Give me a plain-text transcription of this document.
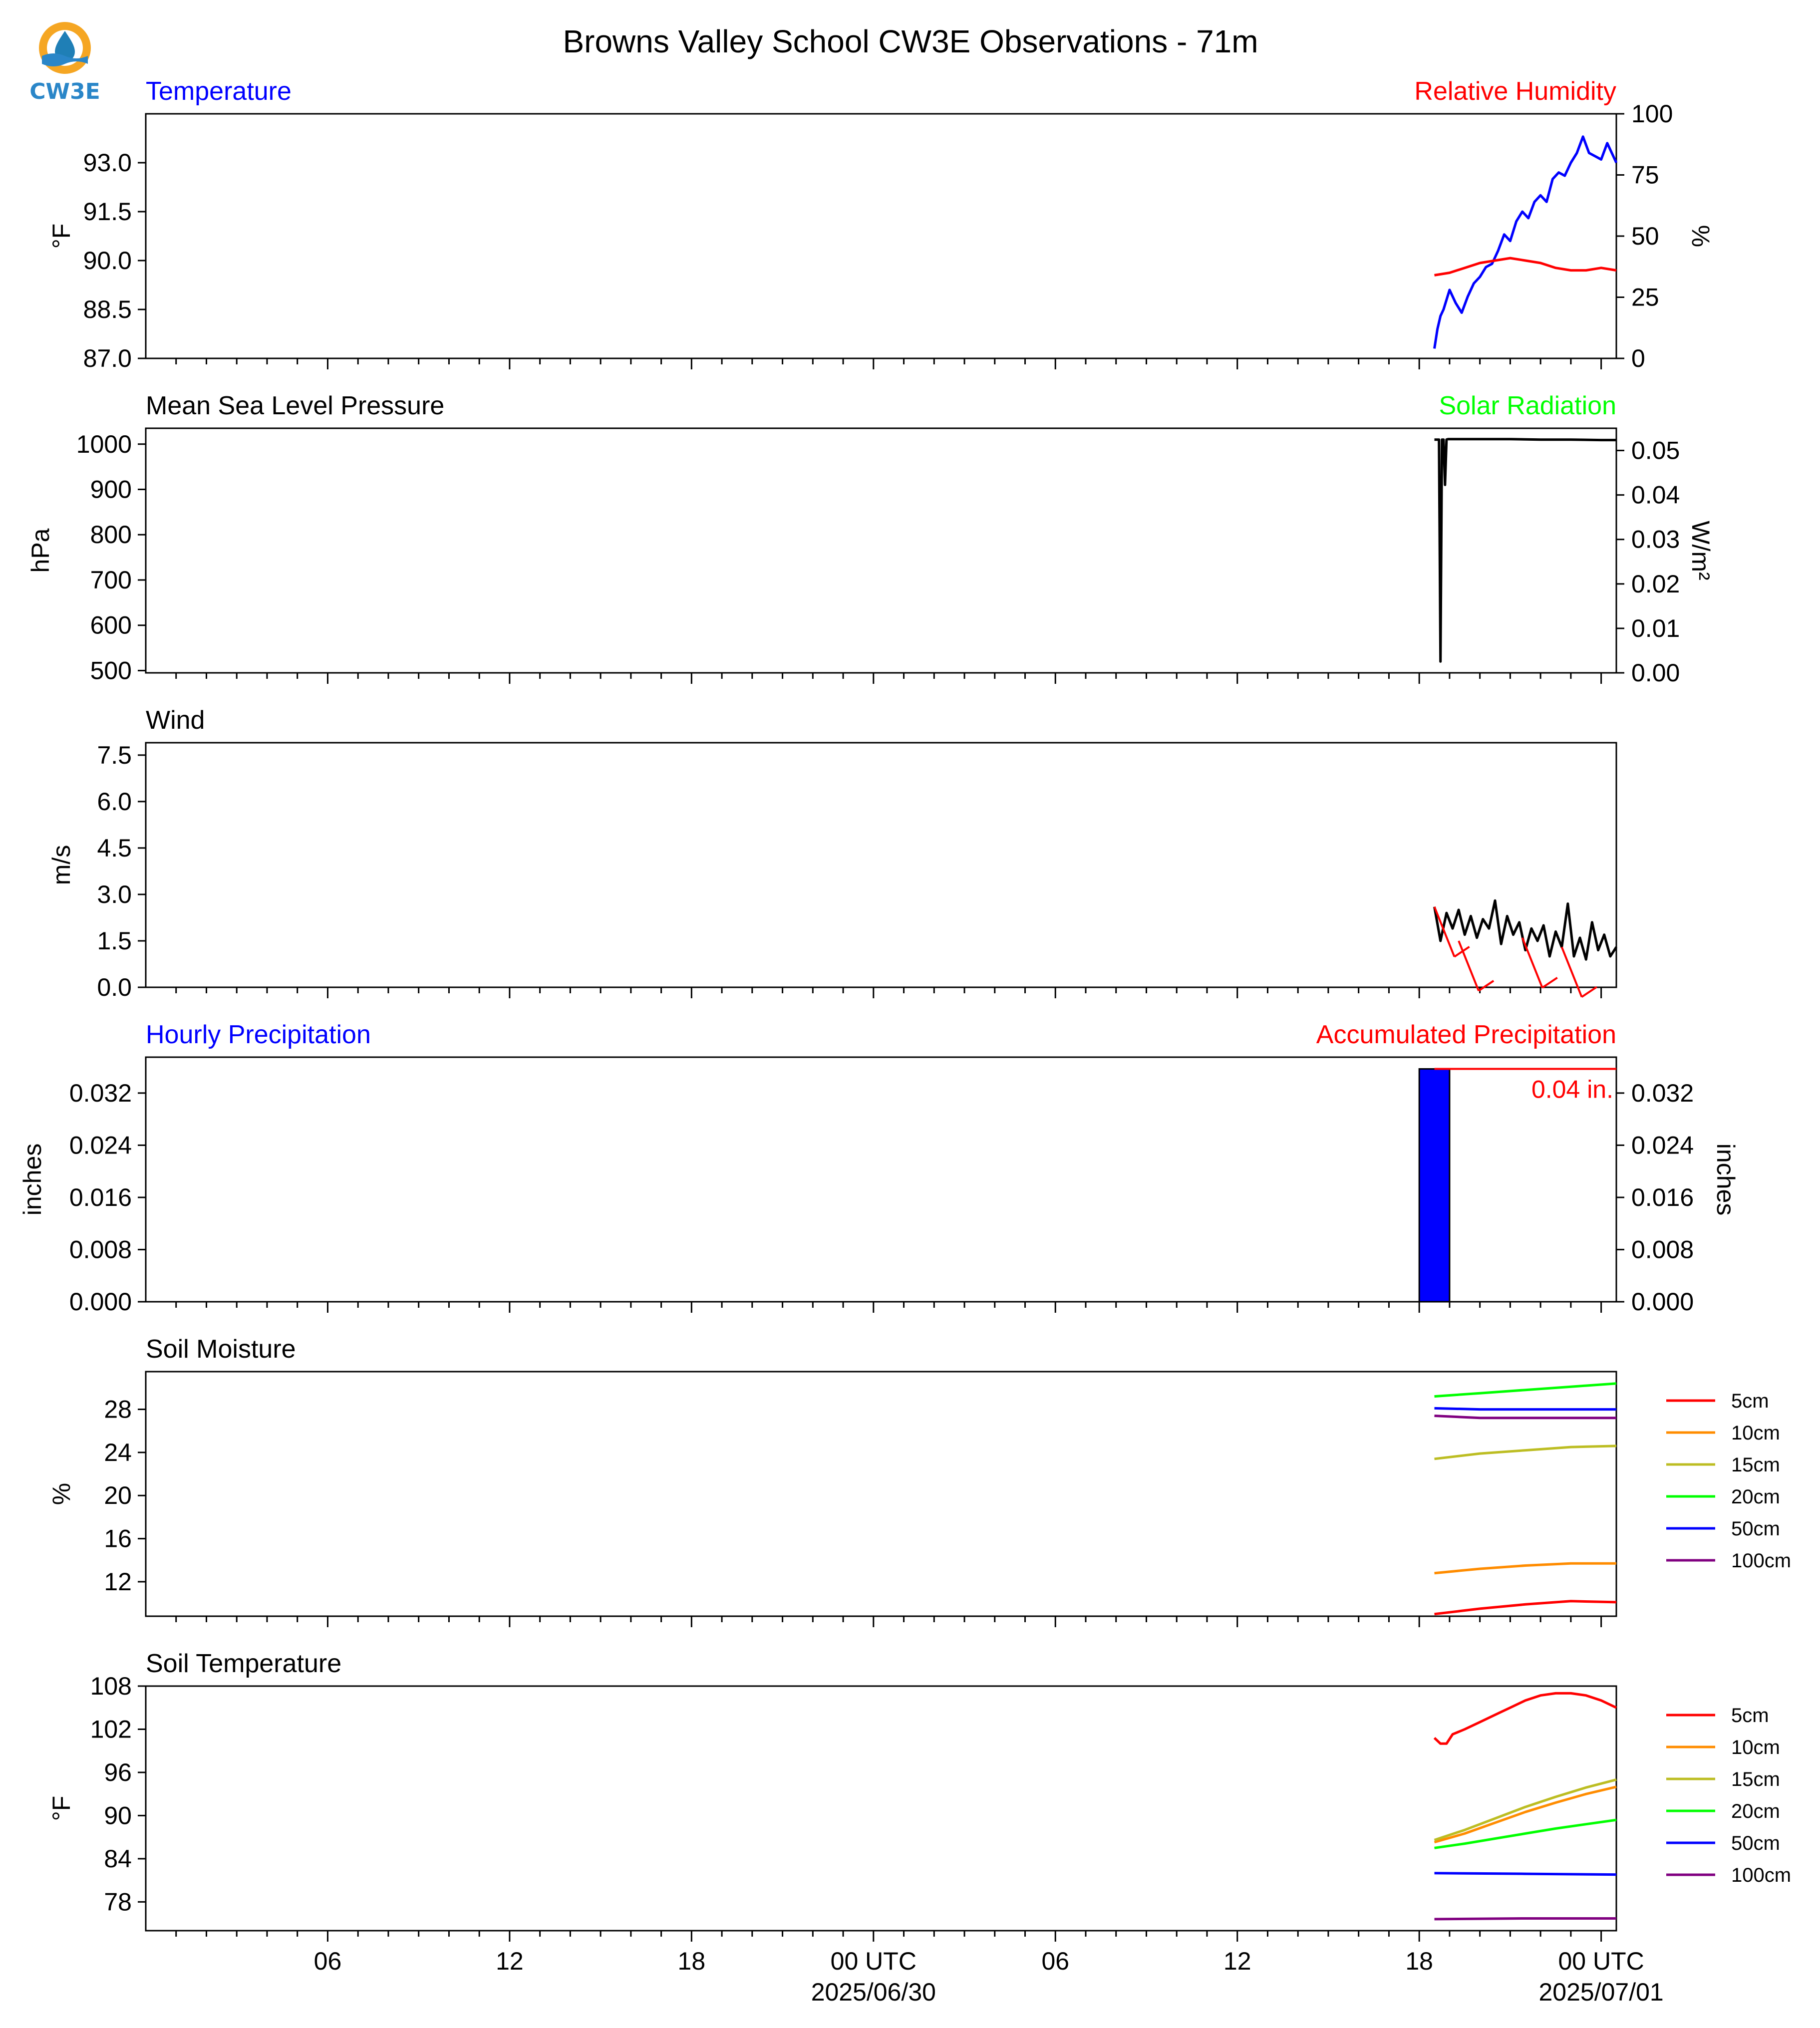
Browns Valley School CW3E Observations - 71m
CW3E Temperature	Relative Humidity
87.0
88.5
90.0
91.5
93.0
0
25
50
75
100
°F	%
Mean Sea Level Pressure	Solar Radiation
500
600
700
800
900
1000
0.00
0.01
0.02
0.03
0.04
0.05
hPa	W/m²
Wind
0.0
1.5
3.0
4.5
6.0
7.5
m/s
Hourly Precipitation	Accumulated Precipitation
0.000
0.008
0.016
0.024
0.032
0.000
0.008
0.016
0.024
0.032
inches	inches
0.04 in.
Soil Moisture
12
16
20
24
28
%
5cm
10cm
15cm
20cm
50cm
100cm
Soil Temperature
06	12	18	00 UTC
2025/06/30
06	12	18	00 UTC
2025/07/01
78
84
90
96
102
108
°F
5cm
10cm
15cm
20cm
50cm
100cm
